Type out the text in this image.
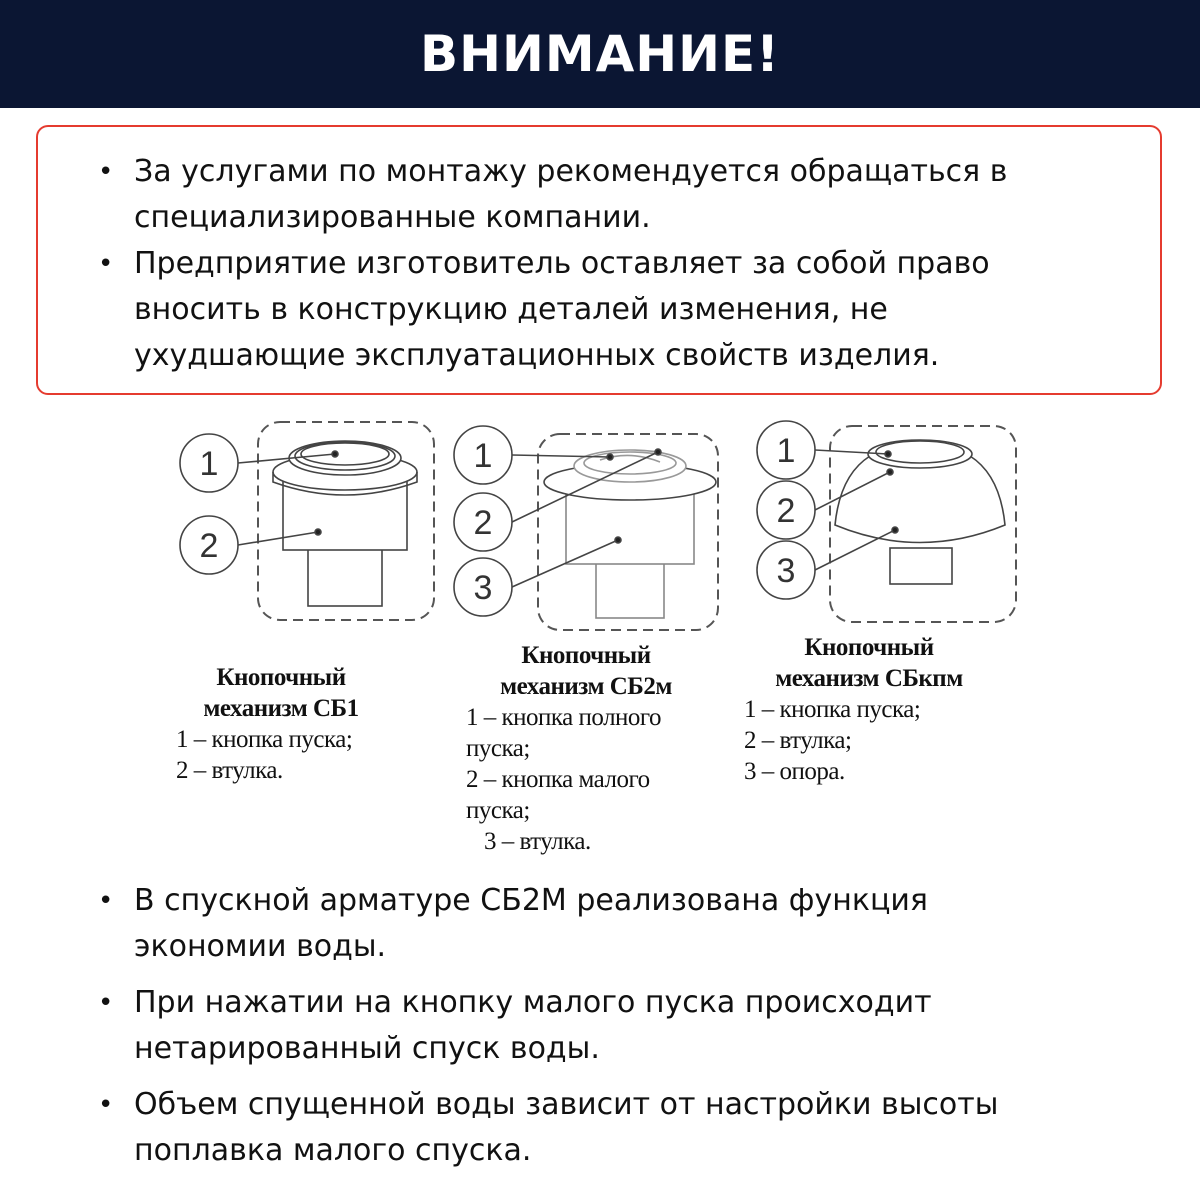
ВНИМАНИЕ!
• За услугами по монтажу рекомендуется обращаться в
специализированные компании.
• Предприятие изготовитель оставляет за собой право
вносить в конструкцию деталей изменения, не
ухудшающие эксплуатационных свойств изделия.
1
2
1
2
3
1
2
3
Кнопочный
механизм СБ1
1 – кнопка пуска;
2 – втулка.
Кнопочный
механизм СБ2м
1 – кнопка полного
пуска;
2 – кнопка малого
пуска;
3 – втулка.
Кнопочный
механизм СБкпм
1 – кнопка пуска;
2 – втулка;
3 – опора.
• В спускной арматуре СБ2М реализована функция
экономии воды.
• При нажатии на кнопку малого пуска происходит
нетарированный спуск воды.
• Объем спущенной воды зависит от настройки высоты
поплавка малого спуска.
